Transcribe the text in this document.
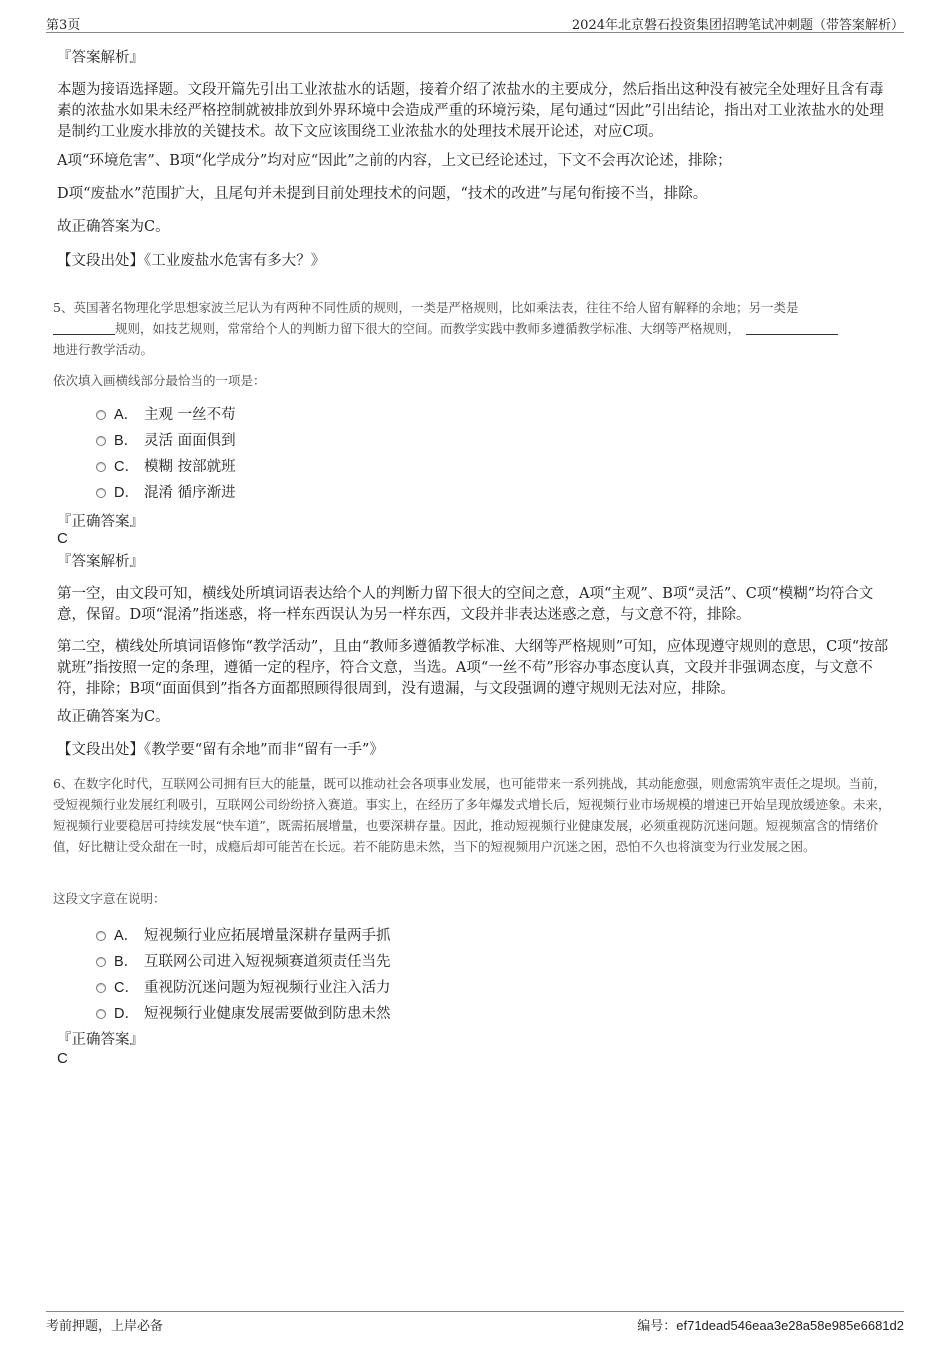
第3页	2024年北京磐石投资集团招聘笔试冲刺题（带答案解析）
『答案解析』

本题为接语选择题。文段开篇先引出工业浓盐水的话题，接着介绍了浓盐水的主要成分，然后指出这种没有被完全处理好且含有毒素的浓盐水如果未经严格控制就被排放到外界环境中会造成严重的环境污染，尾句通过“因此”引出结论，指出对工业浓盐水的处理是制约工业废水排放的关键技术。故下文应该围绕工业浓盐水的处理技术展开论述，对应C项。

A项“环境危害”、B项“化学成分”均对应“因此”之前的内容，上文已经论述过，下文不会再次论述，排除；

D项“废盐水”范围扩大，且尾句并未提到目前处理技术的问题，“技术的改进”与尾句衔接不当，排除。

故正确答案为C。

【文段出处】《工业废盐水危害有多大？》

5、英国著名物理化学思想家波兰尼认为有两种不同性质的规则，一类是严格规则，比如乘法表，往往不给人留有解释的余地；另一类是
规则，如技艺规则，常常给个人的判断力留下很大的空间。而教学实践中教师多遵循教学标准、大纲等严格规则，
地进行教学活动。

依次填入画横线部分最恰当的一项是：

A． 主观 一丝不苟
B． 灵活 面面俱到
C． 模糊 按部就班
D． 混淆 循序渐进
『正确答案』
C
『答案解析』

第一空，由文段可知，横线处所填词语表达给个人的判断力留下很大的空间之意，A项“主观”、B项“灵活”、C项“模糊”均符合文意，保留。D项“混淆”指迷惑，将一样东西误认为另一样东西，文段并非表达迷惑之意，与文意不符，排除。

第二空，横线处所填词语修饰“教学活动”，且由“教师多遵循教学标准、大纲等严格规则”可知，应体现遵守规则的意思，C项“按部就班”指按照一定的条理，遵循一定的程序，符合文意，当选。A项“一丝不苟”形容办事态度认真，文段并非强调态度，与文意不符，排除；B项“面面俱到”指各方面都照顾得很周到，没有遗漏，与文段强调的遵守规则无法对应，排除。

故正确答案为C。

【文段出处】《教学要“留有余地”而非“留有一手”》

6、在数字化时代，互联网公司拥有巨大的能量，既可以推动社会各项事业发展，也可能带来一系列挑战，其动能愈强，则愈需筑牢责任之堤坝。当前，受短视频行业发展红利吸引，互联网公司纷纷挤入赛道。事实上，在经历了多年爆发式增长后，短视频行业市场规模的增速已开始呈现放缓迹象。未来，短视频行业要稳居可持续发展“快车道”，既需拓展增量，也要深耕存量。因此，推动短视频行业健康发展，必须重视防沉迷问题。短视频富含的情绪价值，好比糖让受众甜在一时，成瘾后却可能苦在长远。若不能防患未然，当下的短视频用户沉迷之困，恐怕不久也将演变为行业发展之困。

这段文字意在说明：

A． 短视频行业应拓展增量深耕存量两手抓
B． 互联网公司进入短视频赛道须责任当先
C． 重视防沉迷问题为短视频行业注入活力
D． 短视频行业健康发展需要做到防患未然
『正确答案』
C
考前押题，上岸必备	编号：ef71dead546eaa3e28a58e985e6681d2
